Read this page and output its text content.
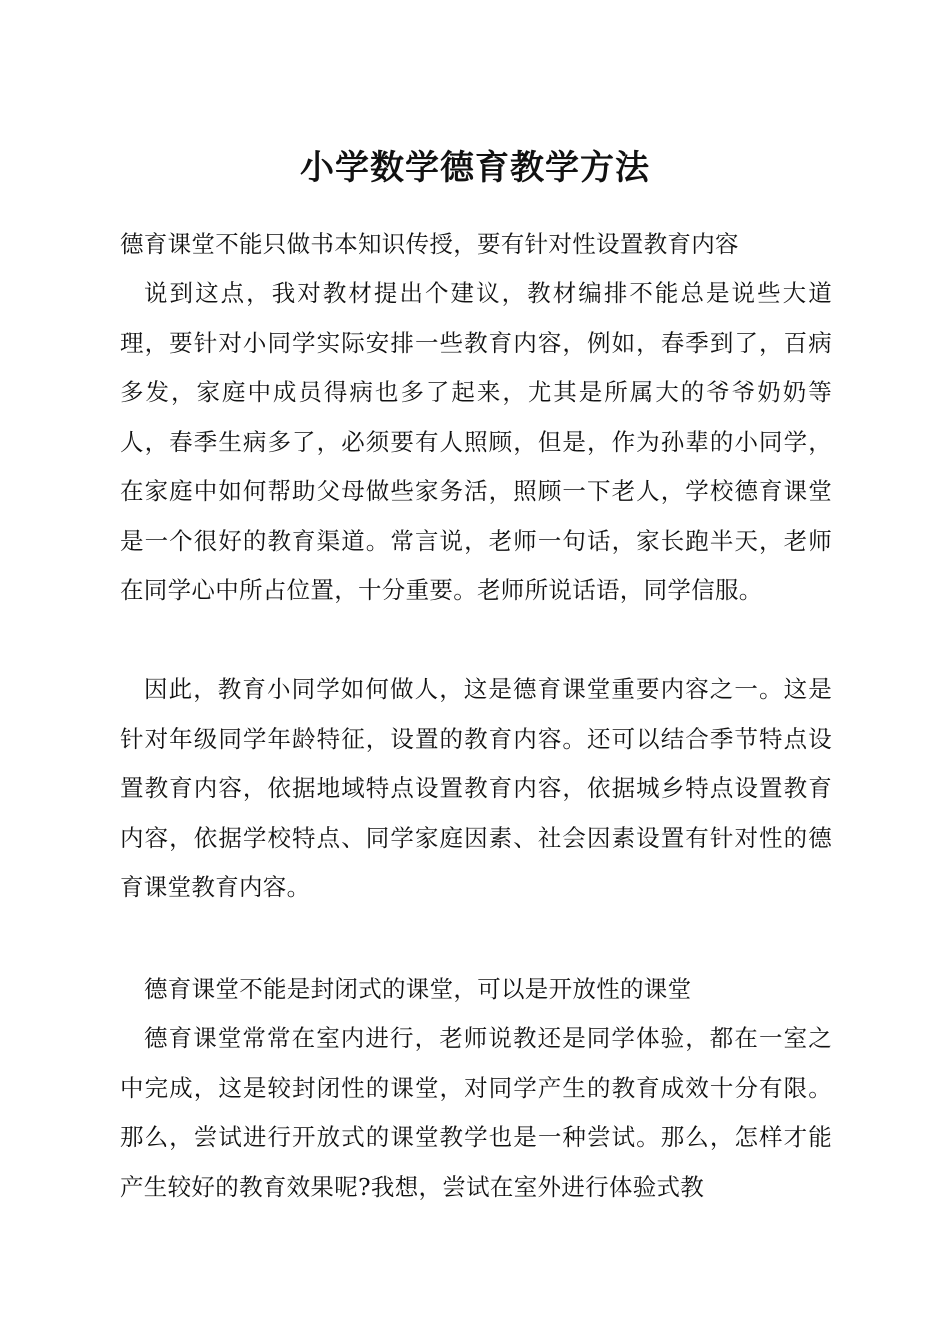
小学数学德育教学方法

德育课堂不能只做书本知识传授，要有针对性设置教育内容

说到这点，我对教材提出个建议，教材编排不能总是说些大道理，要针对小同学实际安排一些教育内容，例如，春季到了，百病多发，家庭中成员得病也多了起来，尤其是所属大的爷爷奶奶等人，春季生病多了，必须要有人照顾，但是，作为孙辈的小同学，在家庭中如何帮助父母做些家务活，照顾一下老人，学校德育课堂是一个很好的教育渠道。常言说，老师一句话，家长跑半天，老师在同学心中所占位置，十分重要。老师所说话语，同学信服。

因此，教育小同学如何做人，这是德育课堂重要内容之一。这是针对年级同学年龄特征，设置的教育内容。还可以结合季节特点设置教育内容，依据地域特点设置教育内容，依据城乡特点设置教育内容，依据学校特点、同学家庭因素、社会因素设置有针对性的德育课堂教育内容。

德育课堂不能是封闭式的课堂，可以是开放性的课堂

德育课堂常常在室内进行，老师说教还是同学体验，都在一室之中完成，这是较封闭性的课堂，对同学产生的教育成效十分有限。那么，尝试进行开放式的课堂教学也是一种尝试。那么，怎样才能产生较好的教育效果呢?我想，尝试在室外进行体验式教
